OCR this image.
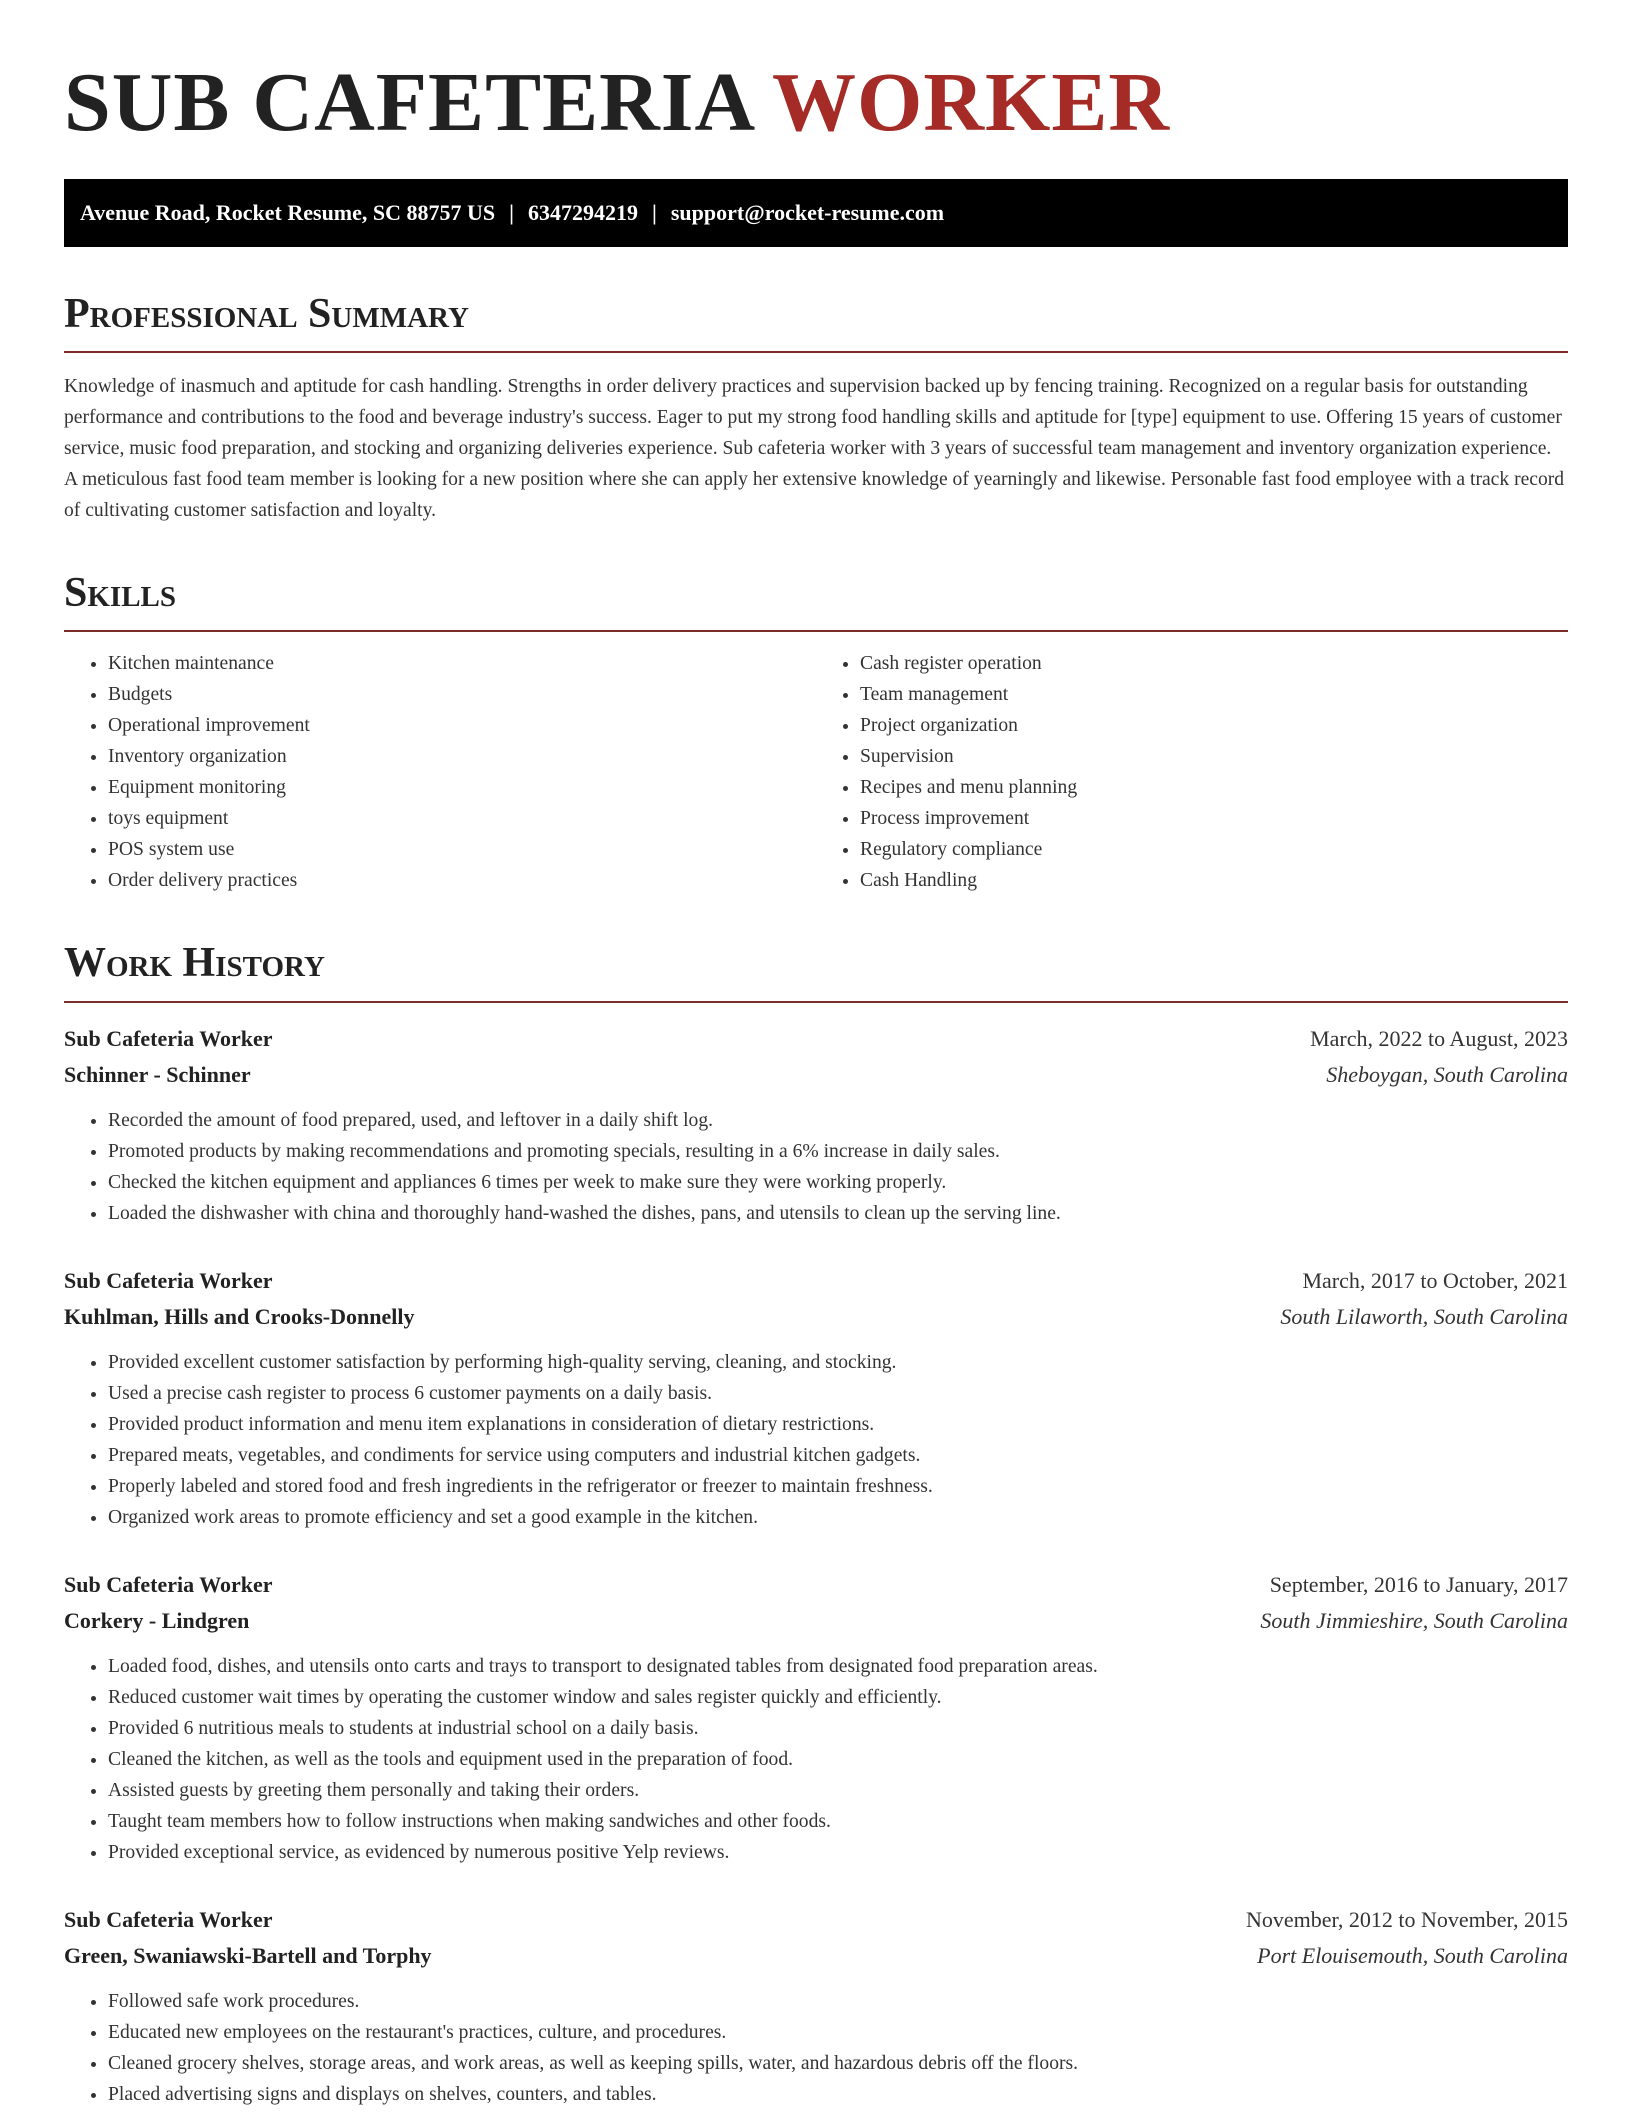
SUB CAFETERIA WORKER
Avenue Road, Rocket Resume, SC 88757 US | 6347294219 | support@rocket-resume.com
Professional Summary

Knowledge of inasmuch and aptitude for cash handling. Strengths in order delivery practices and supervision backed up by fencing training. Recognized on a regular basis for outstanding performance and contributions to the food and beverage industry's success. Eager to put my strong food handling skills and aptitude for [type] equipment to use. Offering 15 years of customer service, music food preparation, and stocking and organizing deliveries experience. Sub cafeteria worker with 3 years of successful team management and inventory organization experience. A meticulous fast food team member is looking for a new position where she can apply her extensive knowledge of yearningly and likewise. Personable fast food employee with a track record of cultivating customer satisfaction and loyalty.

Skills
• Kitchen maintenance
• Budgets
• Operational improvement
• Inventory organization
• Equipment monitoring
• toys equipment
• POS system use
• Order delivery practices
• Cash register operation
• Team management
• Project organization
• Supervision
• Recipes and menu planning
• Process improvement
• Regulatory compliance
• Cash Handling
Work History
Sub Cafeteria Worker	March, 2022 to August, 2023
Schinner - Schinner	Sheboygan, South Carolina
• Recorded the amount of food prepared, used, and leftover in a daily shift log.
• Promoted products by making recommendations and promoting specials, resulting in a 6% increase in daily sales.
• Checked the kitchen equipment and appliances 6 times per week to make sure they were working properly.
• Loaded the dishwasher with china and thoroughly hand-washed the dishes, pans, and utensils to clean up the serving line.
Sub Cafeteria Worker	March, 2017 to October, 2021
Kuhlman, Hills and Crooks-Donnelly	South Lilaworth, South Carolina
• Provided excellent customer satisfaction by performing high-quality serving, cleaning, and stocking.
• Used a precise cash register to process 6 customer payments on a daily basis.
• Provided product information and menu item explanations in consideration of dietary restrictions.
• Prepared meats, vegetables, and condiments for service using computers and industrial kitchen gadgets.
• Properly labeled and stored food and fresh ingredients in the refrigerator or freezer to maintain freshness.
• Organized work areas to promote efficiency and set a good example in the kitchen.
Sub Cafeteria Worker	September, 2016 to January, 2017
Corkery - Lindgren	South Jimmieshire, South Carolina
• Loaded food, dishes, and utensils onto carts and trays to transport to designated tables from designated food preparation areas.
• Reduced customer wait times by operating the customer window and sales register quickly and efficiently.
• Provided 6 nutritious meals to students at industrial school on a daily basis.
• Cleaned the kitchen, as well as the tools and equipment used in the preparation of food.
• Assisted guests by greeting them personally and taking their orders.
• Taught team members how to follow instructions when making sandwiches and other foods.
• Provided exceptional service, as evidenced by numerous positive Yelp reviews.
Sub Cafeteria Worker	November, 2012 to November, 2015
Green, Swaniawski-Bartell and Torphy	Port Elouisemouth, South Carolina
• Followed safe work procedures.
• Educated new employees on the restaurant's practices, culture, and procedures.
• Cleaned grocery shelves, storage areas, and work areas, as well as keeping spills, water, and hazardous debris off the floors.
• Placed advertising signs and displays on shelves, counters, and tables.
